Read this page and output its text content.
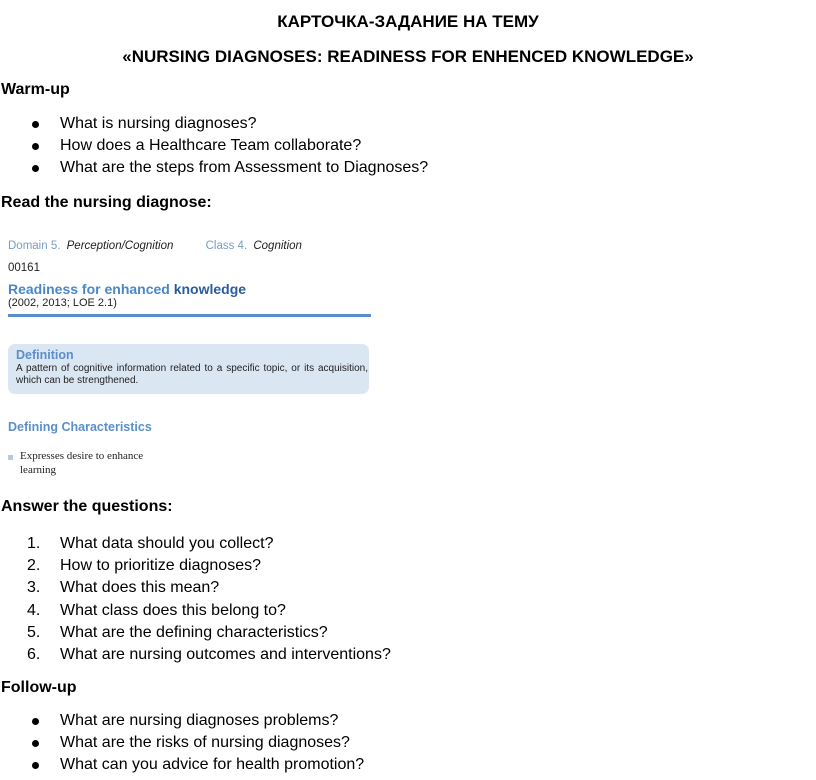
КАРТОЧКА-ЗАДАНИЕ НА ТЕМУ
«NURSING DIAGNOSES: READINESS FOR ENHENCED KNOWLEDGE»
Warm-up
What is nursing diagnoses?
How does a Healthcare Team collaborate?
What are the steps from Assessment to Diagnoses?
Read the nursing diagnose:
Domain 5. Perception/Cognition	Class 4. Cognition
00161
Readiness for enhanced knowledge
(2002, 2013; LOE 2.1)
Definition
A pattern of cognitive information related to a specific topic, or its acquisition, which can be strengthened.
Defining Characteristics
Expresses desire to enhance learning
Answer the questions:
1.	What data should you collect?
2.	How to prioritize diagnoses?
3.	What does this mean?
4.	What class does this belong to?
5.	What are the defining characteristics?
6.	What are nursing outcomes and interventions?
Follow-up
What are nursing diagnoses problems?
What are the risks of nursing diagnoses?
What can you advice for health promotion?
